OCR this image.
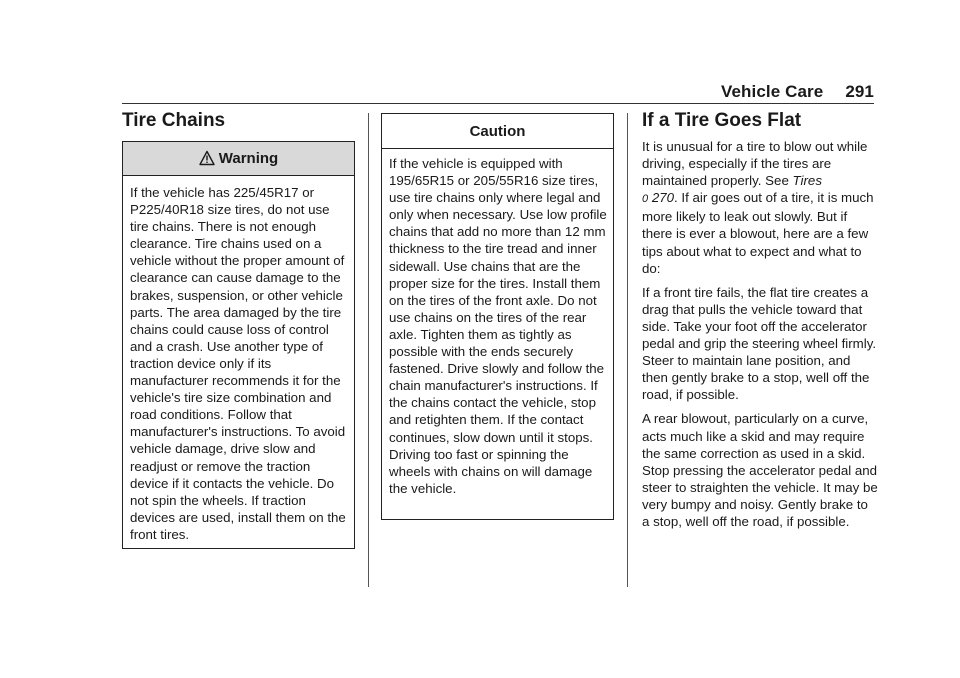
Vehicle Care 291
Tire Chains
Warning
If the vehicle has 225/45R17 or P225/40R18 size tires, do not use tire chains. There is not enough clearance. Tire chains used on a vehicle without the proper amount of clearance can cause damage to the brakes, suspension, or other vehicle parts. The area damaged by the tire chains could cause loss of control and a crash. Use another type of traction device only if its manufacturer recommends it for the vehicle's tire size combination and road conditions. Follow that manufacturer's instructions. To avoid vehicle damage, drive slow and readjust or remove the traction device if it contacts the vehicle. Do not spin the wheels. If traction devices are used, install them on the front tires.
Caution
If the vehicle is equipped with 195/65R15 or 205/55R16 size tires, use tire chains only where legal and only when necessary. Use low profile chains that add no more than 12 mm thickness to the tire tread and inner sidewall. Use chains that are the proper size for the tires. Install them on the tires of the front axle. Do not use chains on the tires of the rear axle. Tighten them as tightly as possible with the ends securely fastened. Drive slowly and follow the chain manufacturer's instructions. If the chains contact the vehicle, stop and retighten them. If the contact continues, slow down until it stops. Driving too fast or spinning the wheels with chains on will damage the vehicle.
If a Tire Goes Flat

It is unusual for a tire to blow out while driving, especially if the tires are maintained properly. See Tires
0 270. If air goes out of a tire, it is much more likely to leak out slowly. But if there is ever a blowout, here are a few tips about what to expect and what to do:

If a front tire fails, the flat tire creates a drag that pulls the vehicle toward that side. Take your foot off the accelerator pedal and grip the steering wheel firmly. Steer to maintain lane position, and then gently brake to a stop, well off the road, if possible.

A rear blowout, particularly on a curve, acts much like a skid and may require the same correction as used in a skid. Stop pressing the accelerator pedal and steer to straighten the vehicle. It may be very bumpy and noisy. Gently brake to a stop, well off the road, if possible.
